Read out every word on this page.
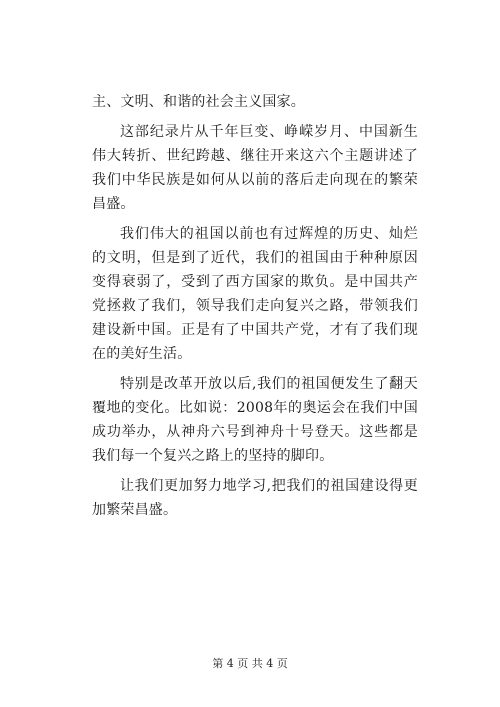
主、文明、和谐的社会主义国家。

这部纪录片从千年巨变、峥嵘岁月、中国新生伟大转折、世纪跨越、继往开来这六个主题讲述了我们中华民族是如何从以前的落后走向现在的繁荣昌盛。

我们伟大的祖国以前也有过辉煌的历史、灿烂的文明，但是到了近代，我们的祖国由于种种原因变得衰弱了，受到了西方国家的欺负。是中国共产党拯救了我们，领导我们走向复兴之路，带领我们建设新中国。正是有了中国共产党，才有了我们现在的美好生活。

特别是改革开放以后,我们的祖国便发生了翻天覆地的变化。比如说：2008年的奥运会在我们中国成功举办，从神舟六号到神舟十号登天。这些都是我们每一个复兴之路上的坚持的脚印。

让我们更加努力地学习,把我们的祖国建设得更加繁荣昌盛。

第 4 页 共 4 页
